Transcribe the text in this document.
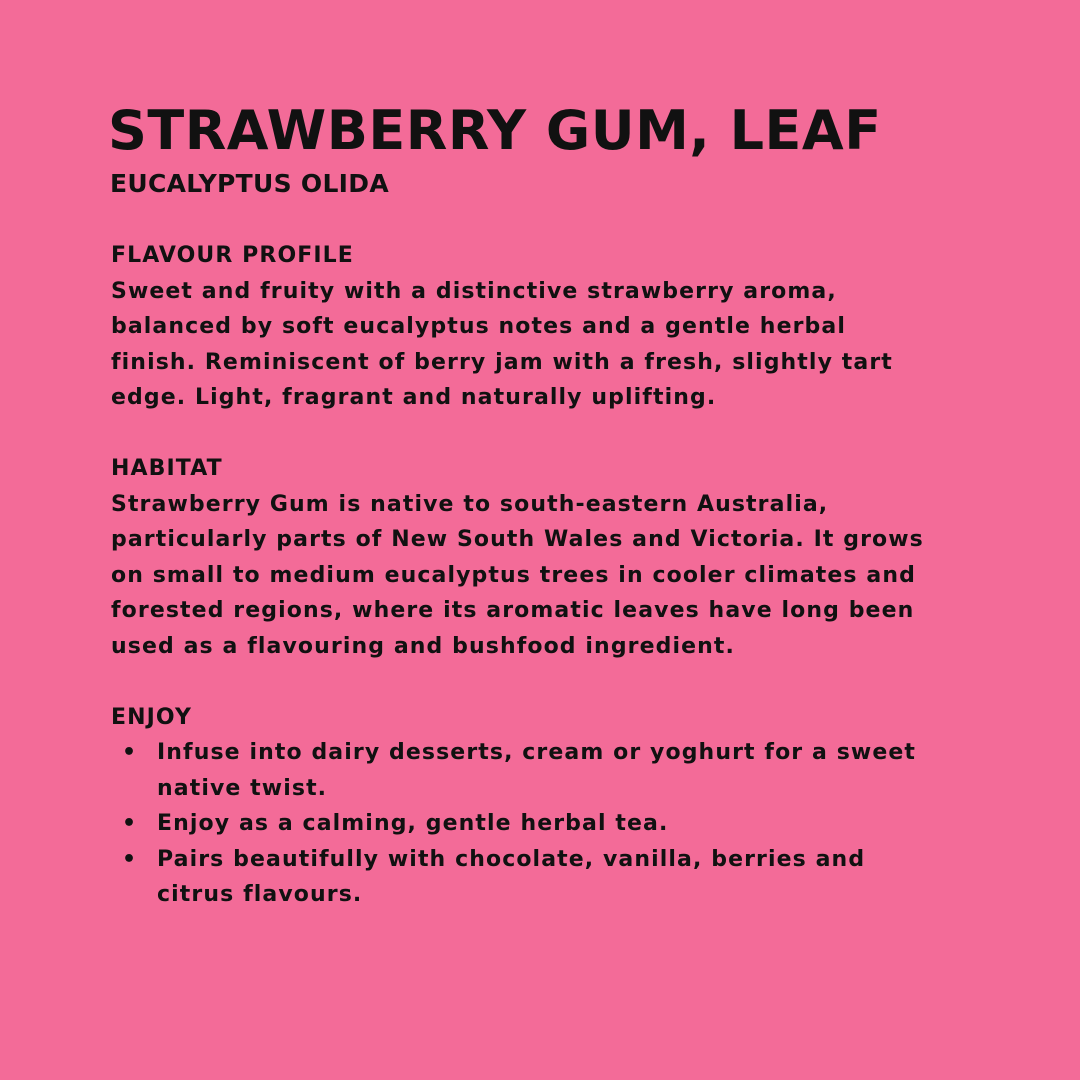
STRAWBERRY GUM, LEAF
EUCALYPTUS OLIDA

FLAVOUR PROFILE

Sweet and fruity with a distinctive strawberry aroma,

balanced by soft eucalyptus notes and a gentle herbal

finish. Reminiscent of berry jam with a fresh, slightly tart

edge. Light, fragrant and naturally uplifting.

HABITAT

Strawberry Gum is native to south-eastern Australia,

particularly parts of New South Wales and Victoria. It grows

on small to medium eucalyptus trees in cooler climates and

forested regions, where its aromatic leaves have long been

used as a flavouring and bushfood ingredient.

ENJOY

• Infuse into dairy desserts, cream or yoghurt for a sweet
native twist.
• Enjoy as a calming, gentle herbal tea.
• Pairs beautifully with chocolate, vanilla, berries and
citrus flavours.
